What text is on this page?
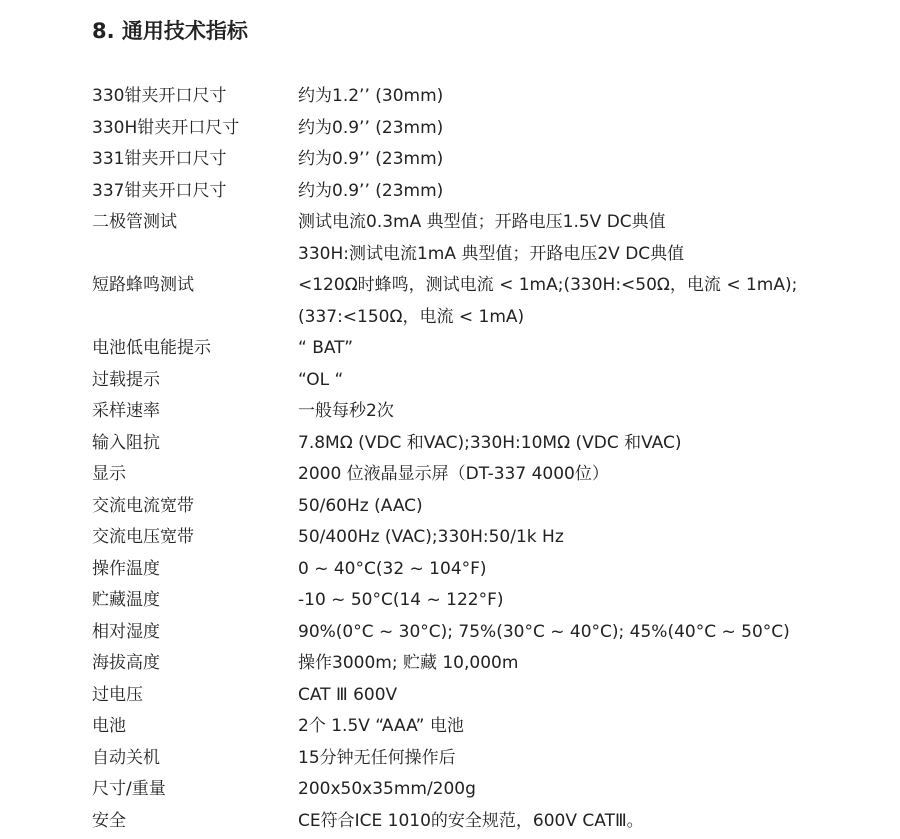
8. 通用技术指标
330钳夹开口尺寸	约为1.2’’ (30mm)
330H钳夹开口尺寸	约为0.9’’ (23mm)
331钳夹开口尺寸	约为0.9’’ (23mm)
337钳夹开口尺寸	约为0.9’’ (23mm)
二极管测试	测试电流0.3mA 典型值；开路电压1.5V DC典值
330H:测试电流1mA 典型值；开路电压2V DC典值
短路蜂鸣测试	<120Ω时蜂鸣，测试电流 < 1mA;(330H:<50Ω，电流 < 1mA);
(337:<150Ω，电流 < 1mA)
电池低电能提示	“ BAT”
过载提示	“OL “
采样速率	一般每秒2次
输入阻抗	7.8MΩ (VDC 和VAC);330H:10MΩ (VDC 和VAC)
显示	2000 位液晶显示屏（DT-337 4000位）
交流电流宽带	50/60Hz (AAC)
交流电压宽带	50/400Hz (VAC);330H:50/1k Hz
操作温度	0 ~ 40°C(32 ~ 104°F)
贮藏温度	-10 ~ 50°C(14 ~ 122°F)
相对湿度	90%(0°C ~ 30°C); 75%(30°C ~ 40°C); 45%(40°C ~ 50°C)
海拔高度	操作3000m; 贮藏 10,000m
过电压	CAT Ⅲ 600V
电池	2个 1.5V “AAA” 电池
自动关机	15分钟无任何操作后
尺寸/重量	200x50x35mm/200g
安全	CE符合ICE 1010的安全规范，600V CATⅢ。
